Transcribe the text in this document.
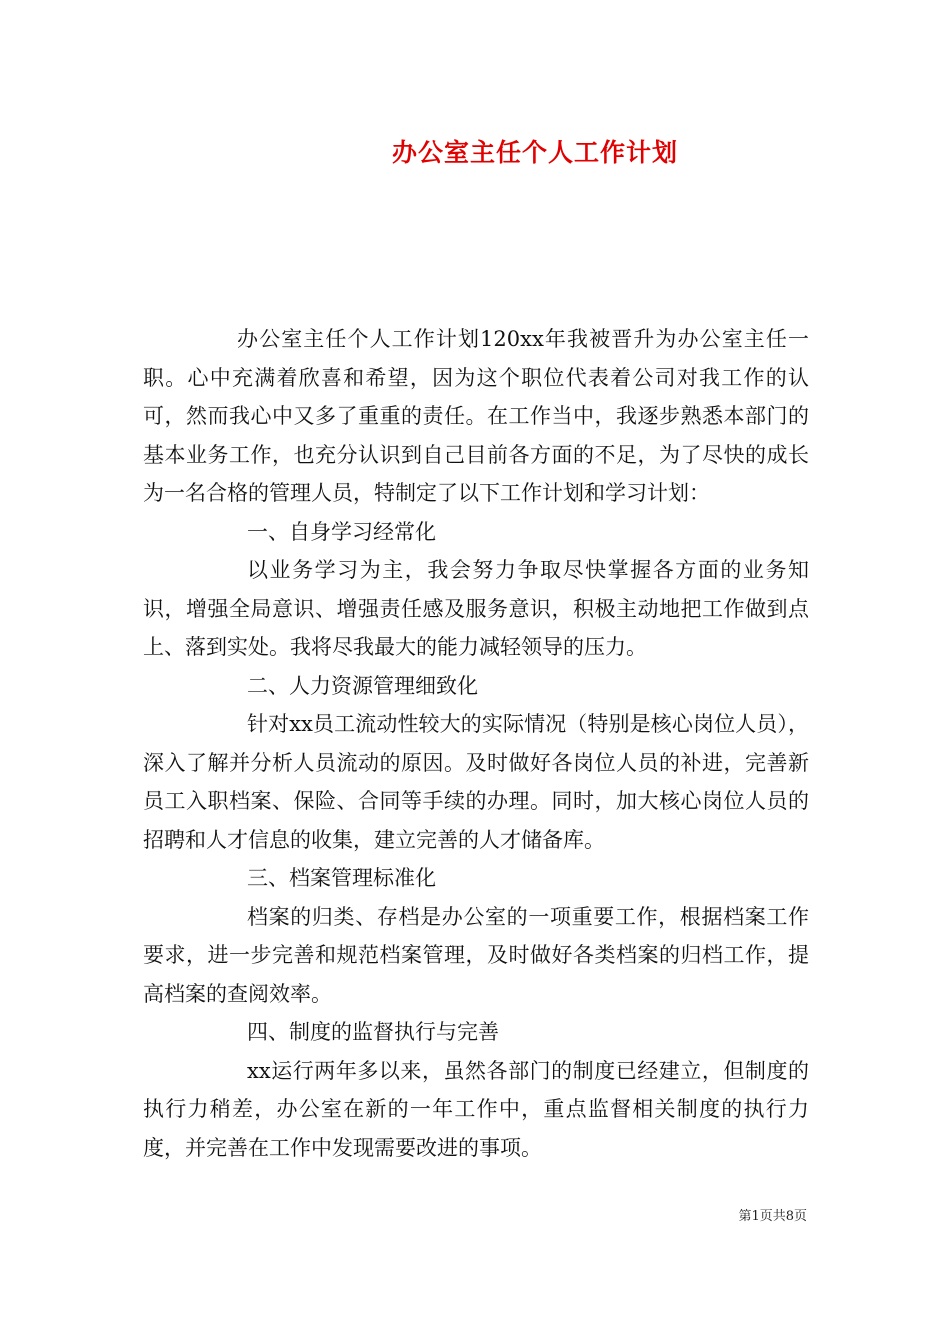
办公室主任个人工作计划

办公室主任个人工作计划120xx年我被晋升为办公室主任一职。心中充满着欣喜和希望，因为这个职位代表着公司对我工作的认可，然而我心中又多了重重的责任。在工作当中，我逐步熟悉本部门的基本业务工作，也充分认识到自己目前各方面的不足，为了尽快的成长为一名合格的管理人员，特制定了以下工作计划和学习计划：

一、自身学习经常化

以业务学习为主，我会努力争取尽快掌握各方面的业务知识，增强全局意识、增强责任感及服务意识，积极主动地把工作做到点上、落到实处。我将尽我最大的能力减轻领导的压力。

二、人力资源管理细致化

针对xx员工流动性较大的实际情况（特别是核心岗位人员），深入了解并分析人员流动的原因。及时做好各岗位人员的补进，完善新员工入职档案、保险、合同等手续的办理。同时，加大核心岗位人员的招聘和人才信息的收集，建立完善的人才储备库。

三、档案管理标准化

档案的归类、存档是办公室的一项重要工作，根据档案工作要求，进一步完善和规范档案管理，及时做好各类档案的归档工作，提高档案的查阅效率。

四、制度的监督执行与完善

xx运行两年多以来，虽然各部门的制度已经建立，但制度的执行力稍差，办公室在新的一年工作中，重点监督相关制度的执行力度，并完善在工作中发现需要改进的事项。

第1页共8页
